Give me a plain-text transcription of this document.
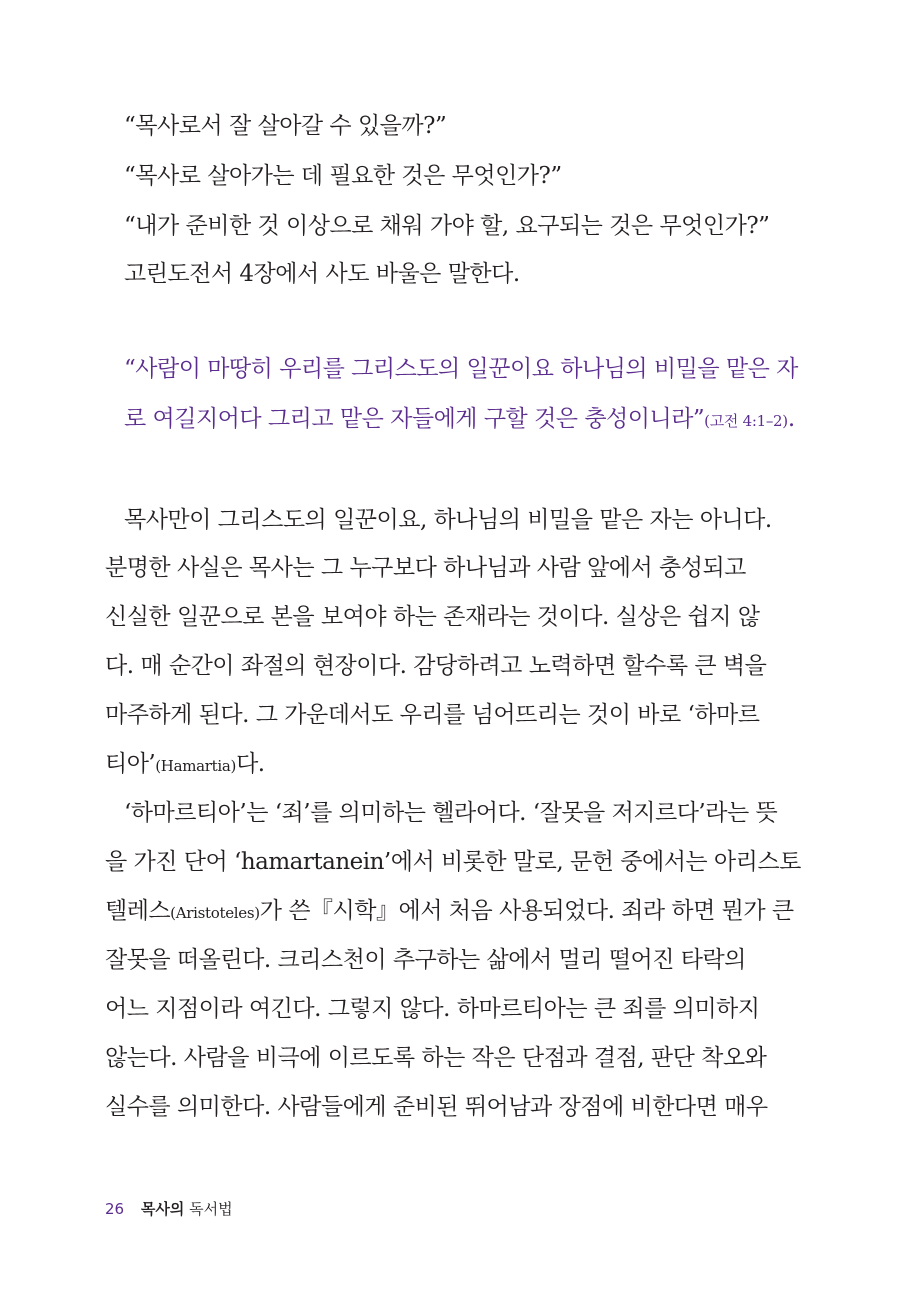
“목사로서 잘 살아갈 수 있을까?”
“목사로 살아가는 데 필요한 것은 무엇인가?”
“내가 준비한 것 이상으로 채워 가야 할, 요구되는 것은 무엇인가?”
고린도전서 4장에서 사도 바울은 말한다.
“사람이 마땅히 우리를 그리스도의 일꾼이요 하나님의 비밀을 맡은 자
로 여길지어다 그리고 맡은 자들에게 구할 것은 충성이니라”(고전 4:1–2).
목사만이 그리스도의 일꾼이요, 하나님의 비밀을 맡은 자는 아니다.
분명한 사실은 목사는 그 누구보다 하나님과 사람 앞에서 충성되고
신실한 일꾼으로 본을 보여야 하는 존재라는 것이다. 실상은 쉽지 않
다. 매 순간이 좌절의 현장이다. 감당하려고 노력하면 할수록 큰 벽을
마주하게 된다. 그 가운데서도 우리를 넘어뜨리는 것이 바로 ‘하마르
티아’(Hamartia)다.
‘하마르티아’는 ‘죄’를 의미하는 헬라어다. ‘잘못을 저지르다’라는 뜻
을 가진 단어 ‘hamartanein’에서 비롯한 말로, 문헌 중에서는 아리스토
텔레스(Aristoteles)가 쓴『시학』에서 처음 사용되었다. 죄라 하면 뭔가 큰
잘못을 떠올린다. 크리스천이 추구하는 삶에서 멀리 떨어진 타락의
어느 지점이라 여긴다. 그렇지 않다. 하마르티아는 큰 죄를 의미하지
않는다. 사람을 비극에 이르도록 하는 작은 단점과 결점, 판단 착오와
실수를 의미한다. 사람들에게 준비된 뛰어남과 장점에 비한다면 매우
26 목사의 독서법
